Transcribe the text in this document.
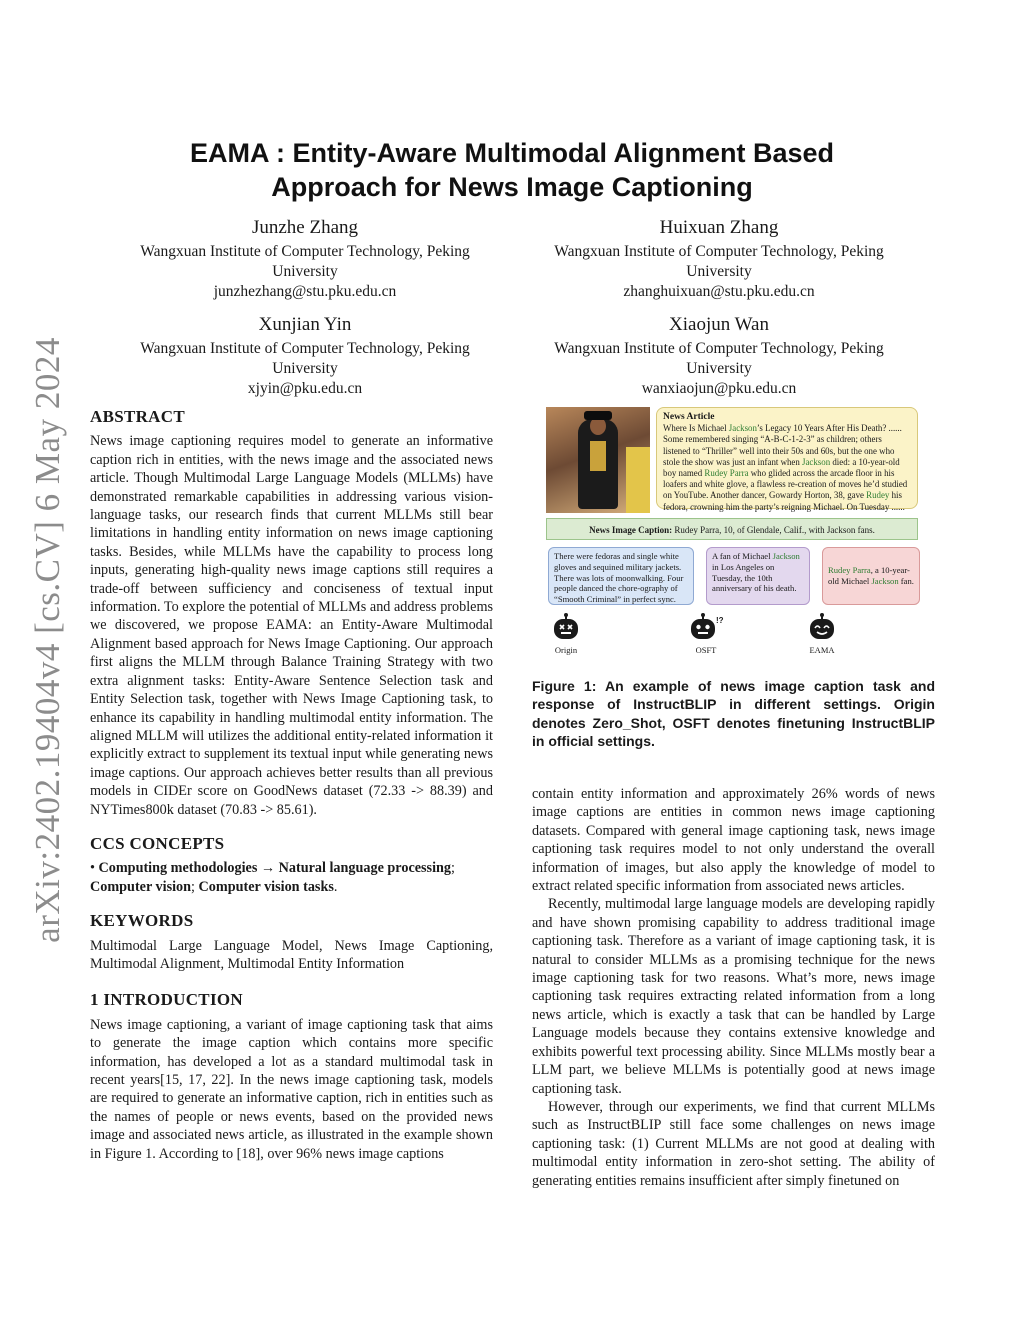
arXiv:2402.19404v4 [cs.CV] 6 May 2024
EAMA : Entity-Aware Multimodal Alignment Based
Approach for News Image Captioning
Junzhe Zhang
Wangxuan Institute of Computer Technology, Peking
University
junzhezhang@stu.pku.edu.cn
Huixuan Zhang
Wangxuan Institute of Computer Technology, Peking
University
zhanghuixuan@stu.pku.edu.cn
Xunjian Yin
Wangxuan Institute of Computer Technology, Peking
University
xjyin@pku.edu.cn
Xiaojun Wan
Wangxuan Institute of Computer Technology, Peking
University
wanxiaojun@pku.edu.cn
ABSTRACT

News image captioning requires model to generate an informative caption rich in entities, with the news image and the associated news article. Though Multimodal Large Language Models (MLLMs) have demonstrated remarkable capabilities in addressing various vision-language tasks, our research finds that current MLLMs still bear limitations in handling entity information on news image captioning tasks. Besides, while MLLMs have the capability to process long inputs, generating high-quality news image captions still requires a trade-off between sufficiency and conciseness of textual input information. To explore the potential of MLLMs and address problems we discovered, we propose EAMA: an Entity-Aware Multimodal Alignment based approach for News Image Captioning. Our approach first aligns the MLLM through Balance Training Strategy with two extra alignment tasks: Entity-Aware Sentence Selection task and Entity Selection task, together with News Image Captioning task, to enhance its capability in handling multimodal entity information. The aligned MLLM will utilizes the additional entity-related information it explicitly extract to supplement its textual input while generating news image captions. Our approach achieves better results than all previous models in CIDEr score on GoodNews dataset (72.33 -> 88.39) and NYTimes800k dataset (70.83 -> 85.61).

CCS CONCEPTS

• Computing methodologies → Natural language processing; Computer vision; Computer vision tasks.

KEYWORDS

Multimodal Large Language Model, News Image Captioning, Multimodal Alignment, Multimodal Entity Information

1 INTRODUCTION

News image captioning, a variant of image captioning task that aims to generate the image caption which contains more specific information, has developed a lot as a standard multimodal task in recent years[15, 17, 22]. In the news image captioning task, models are required to generate an informative caption, rich in entities such as the names of people or news events, based on the provided news image and associated news article, as illustrated in the example shown in Figure 1. According to [18], over 96% news image captions

News Article
Where Is Michael Jackson’s Legacy 10 Years After His Death? ...... Some remembered singing “A-B-C-1-2-3” as children; others listened to “Thriller” well into their 50s and 60s, but the one who stole the show was just an infant when Jackson died: a 10-year-old boy named Rudey Parra who glided across the arcade floor in his loafers and white glove, a flawless re-creation of moves he’d studied on YouTube. Another dancer, Gowardy Horton, 38, gave Rudey his fedora, crowning him the party’s reigning Michael. On Tuesday ......
News Image Caption: Rudey Parra, 10, of Glendale, Calif., with Jackson fans.
There were fedoras and single white gloves and sequined military jackets. There was lots of moonwalking. Four people danced the chore-ography of “Smooth Criminal” in perfect sync.
A fan of Michael Jackson in Los Angeles on Tuesday, the 10th anniversary of his death.
Rudey Parra, a 10-year-old Michael Jackson fan.
Origin
!?
OSFT	EAMA
Figure 1: An example of news image caption task and response of InstructBLIP in different settings. Origin denotes Zero_Shot, OSFT denotes finetuning InstructBLIP in official settings.

contain entity information and approximately 26% words of news image captions are entities in common news image captioning datasets. Compared with general image captioning task, news image captioning task requires model to not only understand the overall information of images, but also apply the knowledge of model to extract related specific information from associated news articles.

Recently, multimodal large language models are developing rapidly and have shown promising capability to address traditional image captioning task. Therefore as a variant of image captioning task, it is natural to consider MLLMs as a promising technique for the news image captioning task for two reasons. What’s more, news image captioning task requires extracting related information from a long news article, which is exactly a task that can be handled by Large Language models because they contains extensive knowledge and exhibits powerful text processing ability. Since MLLMs mostly bear a LLM part, we believe MLLMs is potentially good at news image captioning task.

However, through our experiments, we find that current MLLMs such as InstructBLIP still face some challenges on news image captioning task: (1) Current MLLMs are not good at dealing with multimodal entity information in zero-shot setting. The ability of generating entities remains insufficient after simply finetuned on
